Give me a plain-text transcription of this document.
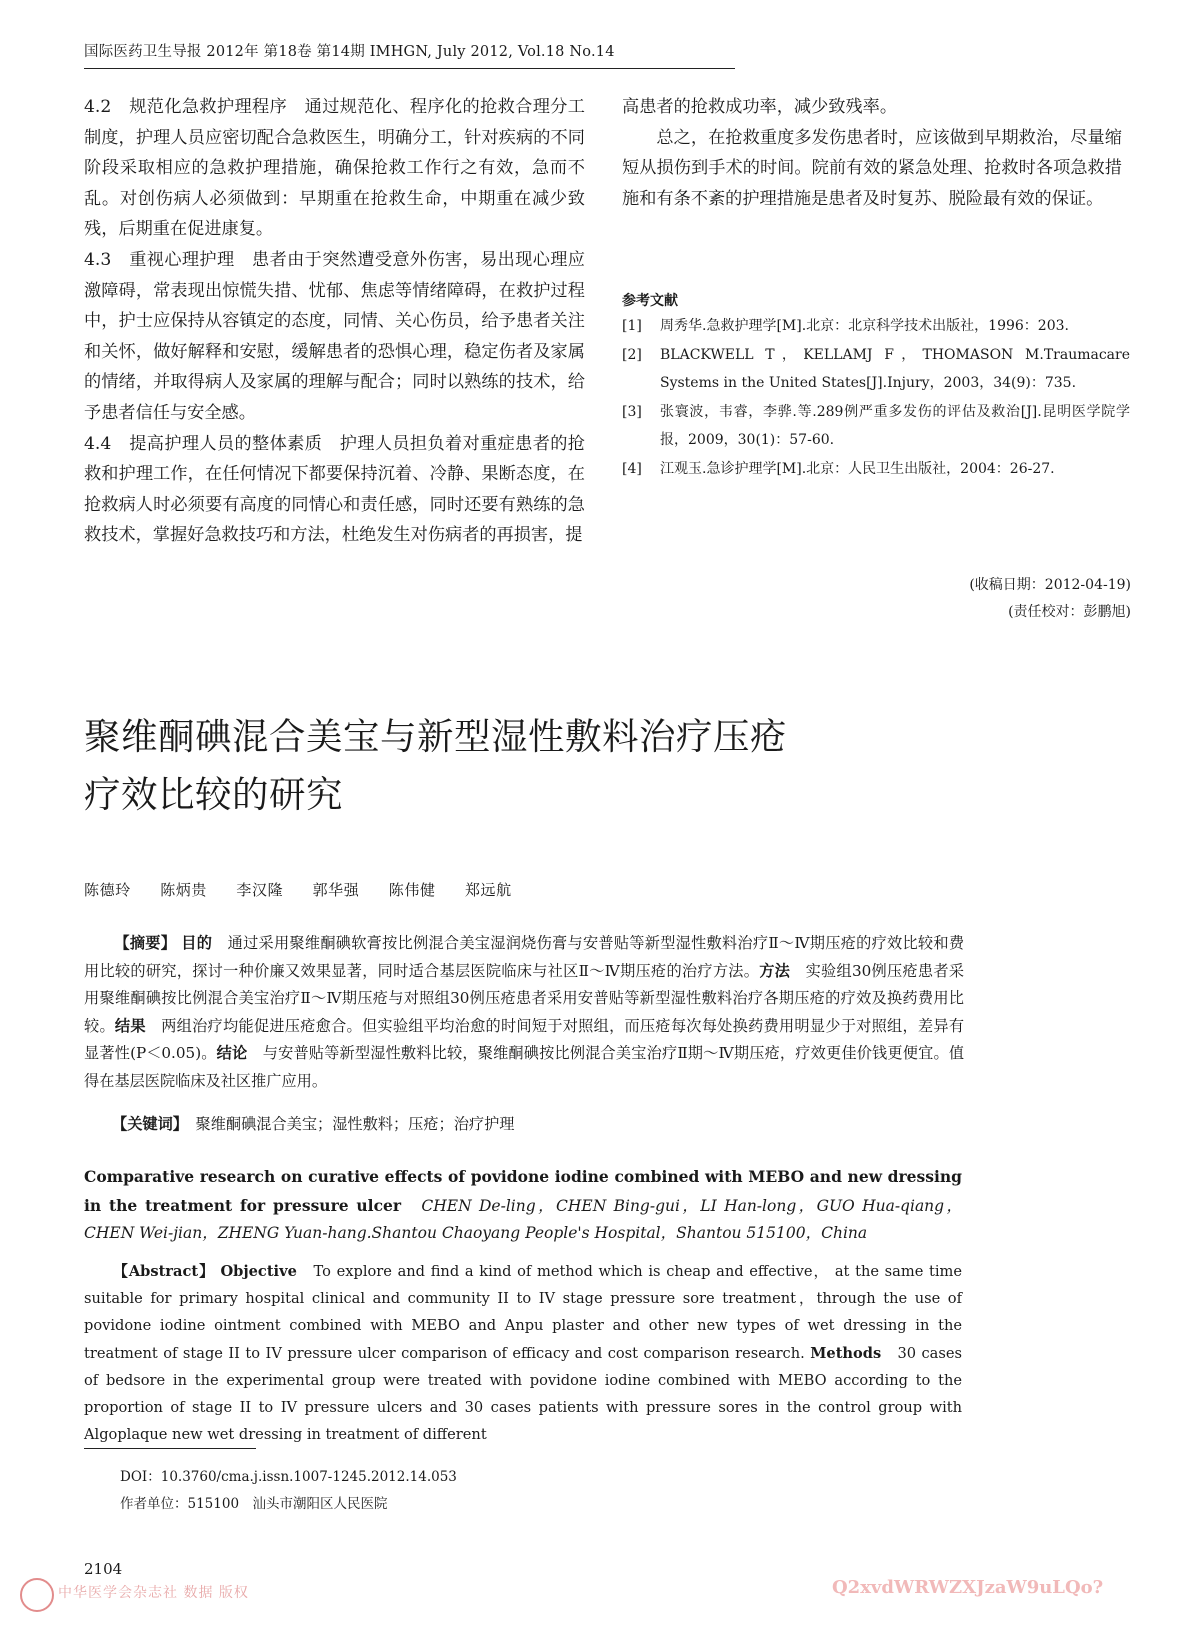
国际医药卫生导报 2012年 第18卷 第14期 IMHGN, July 2012, Vol.18 No.14

4.2　规范化急救护理程序　通过规范化、程序化的抢救合理分工制度，护理人员应密切配合急救医生，明确分工，针对疾病的不同阶段采取相应的急救护理措施，确保抢救工作行之有效，急而不乱。对创伤病人必须做到：早期重在抢救生命，中期重在减少致残，后期重在促进康复。

4.3　重视心理护理　患者由于突然遭受意外伤害，易出现心理应激障碍，常表现出惊慌失措、忧郁、焦虑等情绪障碍，在救护过程中，护士应保持从容镇定的态度，同情、关心伤员，给予患者关注和关怀，做好解释和安慰，缓解患者的恐惧心理，稳定伤者及家属的情绪，并取得病人及家属的理解与配合；同时以熟练的技术，给予患者信任与安全感。

4.4　提高护理人员的整体素质　护理人员担负着对重症患者的抢救和护理工作，在任何情况下都要保持沉着、冷静、果断态度，在抢救病人时必须要有高度的同情心和责任感，同时还要有熟练的急救技术，掌握好急救技巧和方法，杜绝发生对伤病者的再损害，提

高患者的抢救成功率，减少致残率。

总之，在抢救重度多发伤患者时，应该做到早期救治，尽量缩短从损伤到手术的时间。院前有效的紧急处理、抢救时各项急救措施和有条不紊的护理措施是患者及时复苏、脱险最有效的保证。

参考文献
[1]	周秀华.急救护理学[M].北京：北京科学技术出版社，1996：203.
[2]	BLACKWELL T，KELLAMJ F，THOMASON M.Traumacare Systems in the United States[J].Injury，2003，34(9)：735.
[3]	张寰波，韦睿，李骅.等.289例严重多发伤的评估及救治[J].昆明医学院学报，2009，30(1)：57-60.
[4]	江观玉.急诊护理学[M].北京：人民卫生出版社，2004：26-27.
(收稿日期：2012-04-19)
(责任校对：彭鹏旭)
聚维酮碘混合美宝与新型湿性敷料治疗压疮
疗效比较的研究
陈德玲 陈炳贵 李汉隆 郭华强 陈伟健 郑远航
【摘要】 目的　通过采用聚维酮碘软膏按比例混合美宝湿润烧伤膏与安普贴等新型湿性敷料治疗Ⅱ～Ⅳ期压疮的疗效比较和费用比较的研究，探讨一种价廉又效果显著，同时适合基层医院临床与社区Ⅱ～Ⅳ期压疮的治疗方法。方法　实验组30例压疮患者采用聚维酮碘按比例混合美宝治疗Ⅱ～Ⅳ期压疮与对照组30例压疮患者采用安普贴等新型湿性敷料治疗各期压疮的疗效及换药费用比较。结果　两组治疗均能促进压疮愈合。但实验组平均治愈的时间短于对照组，而压疮每次每处换药费用明显少于对照组，差异有显著性(P＜0.05)。结论　与安普贴等新型湿性敷料比较，聚维酮碘按比例混合美宝治疗Ⅱ期～Ⅳ期压疮，疗效更佳价钱更便宜。值得在基层医院临床及社区推广应用。
【关键词】　聚维酮碘混合美宝；湿性敷料；压疮；治疗护理
Comparative research on curative effects of povidone iodine combined with MEBO and new dressing in the treatment for pressure ulcer　CHEN De-ling，CHEN Bing-gui，LI Han-long，GUO Hua-qiang，CHEN Wei-jian，ZHENG Yuan-hang.Shantou Chaoyang People's Hospital，Shantou 515100，China
【Abstract】 Objective　To explore and find a kind of method which is cheap and effective， at the same time suitable for primary hospital clinical and community II to IV stage pressure sore treatment，through the use of povidone iodine ointment combined with MEBO and Anpu plaster and other new types of wet dressing in the treatment of stage II to IV pressure ulcer comparison of efficacy and cost comparison research. Methods　30 cases of bedsore in the experimental group were treated with povidone iodine combined with MEBO according to the proportion of stage II to IV pressure ulcers and 30 cases patients with pressure sores in the control group with Algoplaque new wet dressing in treatment of different
DOI：10.3760/cma.j.issn.1007-1245.2012.14.053
作者单位：515100　汕头市潮阳区人民医院
2104
中华医学会杂志社 数据 版权	Q2xvdWRWZXJzaW9uLQo?
